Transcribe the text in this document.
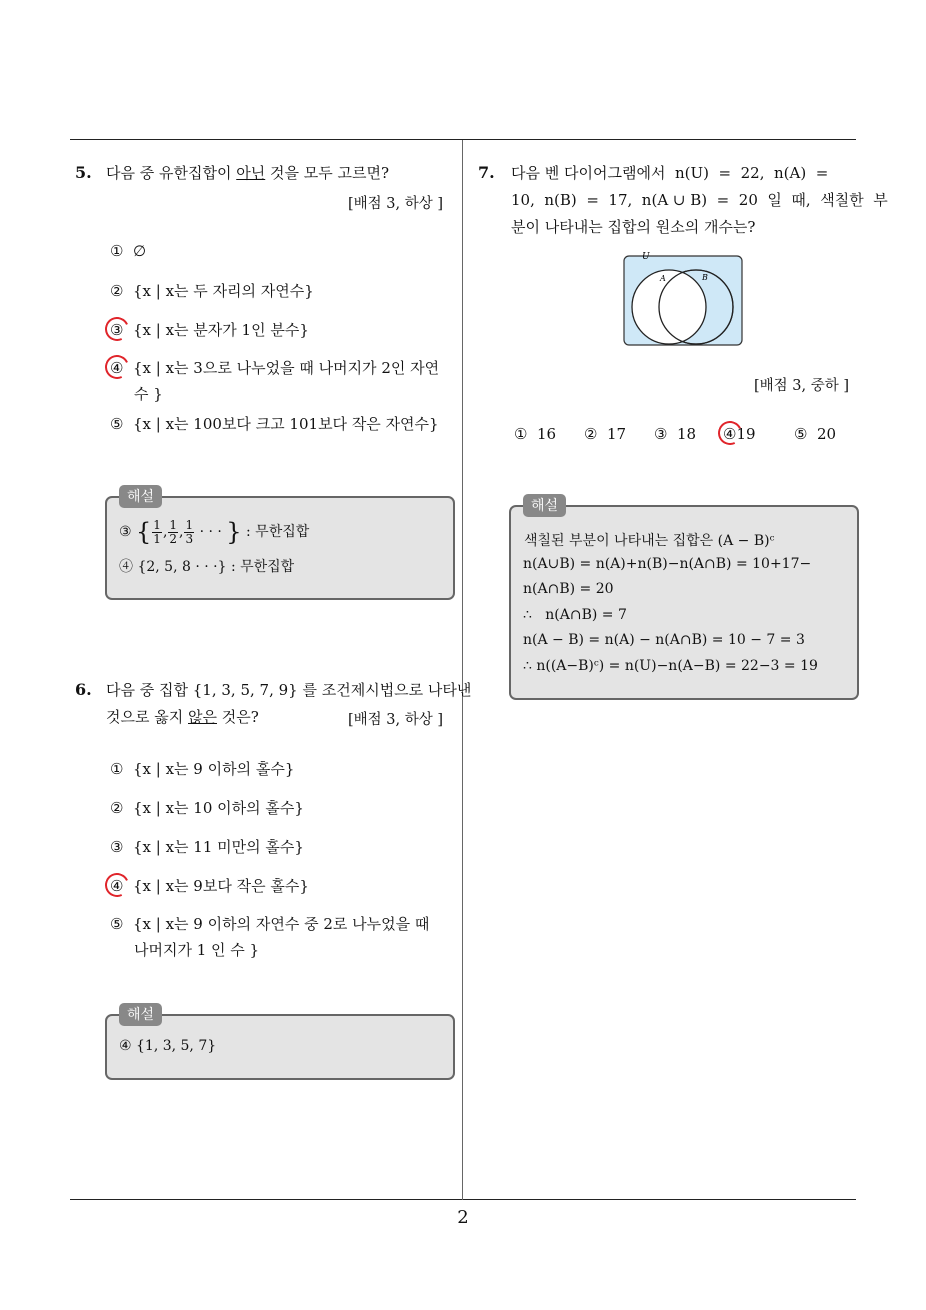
5. 다음 중 유한집합이 아닌 것을 모두 고르면?
[배점 3, 하상 ]
① ∅
② {x | x는 두 자리의 자연수}
③ {x | x는 분자가 1인 분수}
④ {x | x는 3으로 나누었을 때 나머지가 2인 자연
수 }
⑤ {x | x는 100보다 크고 101보다 작은 자연수}
해설
③ { $\frac{1}{1}$ , $\frac{1}{2}$ , $\frac{1}{3}$ · · · } : 무한집합
④ {2, 5, 8 · · ·} : 무한집합
6. 다음 중 집합 {1, 3, 5, 7, 9} 를 조건제시법으로 나타낸
것으로 옳지 않은 것은?	[배점 3, 하상 ]
① {x | x는 9 이하의 홀수}
② {x | x는 10 이하의 홀수}
③ {x | x는 11 미만의 홀수}
④ {x | x는 9보다 작은 홀수}
⑤ {x | x는 9 이하의 자연수 중 2로 나누었을 때
나머지가 1 인 수 }
해설
④ {1, 3, 5, 7}
7. 다음 벤 다이어그램에서  n(U)  =  22,  n(A)  =
10,  n(B)  =  17,  n(A ∪ B)  =  20  일  때,  색칠한  부
분이 나타내는 집합의 원소의 개수는?
U
A	B
[배점 3, 중하 ]
① 16 ② 17 ③ 18 ④19	⑤ 20
해설
색칠된 부분이 나타내는 집합은 (A − B)ᶜ
n(A∪B) = n(A)+n(B)−n(A∩B) = 10+17−
n(A∩B) = 20
∴   n(A∩B) = 7
n(A − B) = n(A) − n(A∩B) = 10 − 7 = 3
∴ n((A−B)ᶜ) = n(U)−n(A−B) = 22−3 = 19
2
